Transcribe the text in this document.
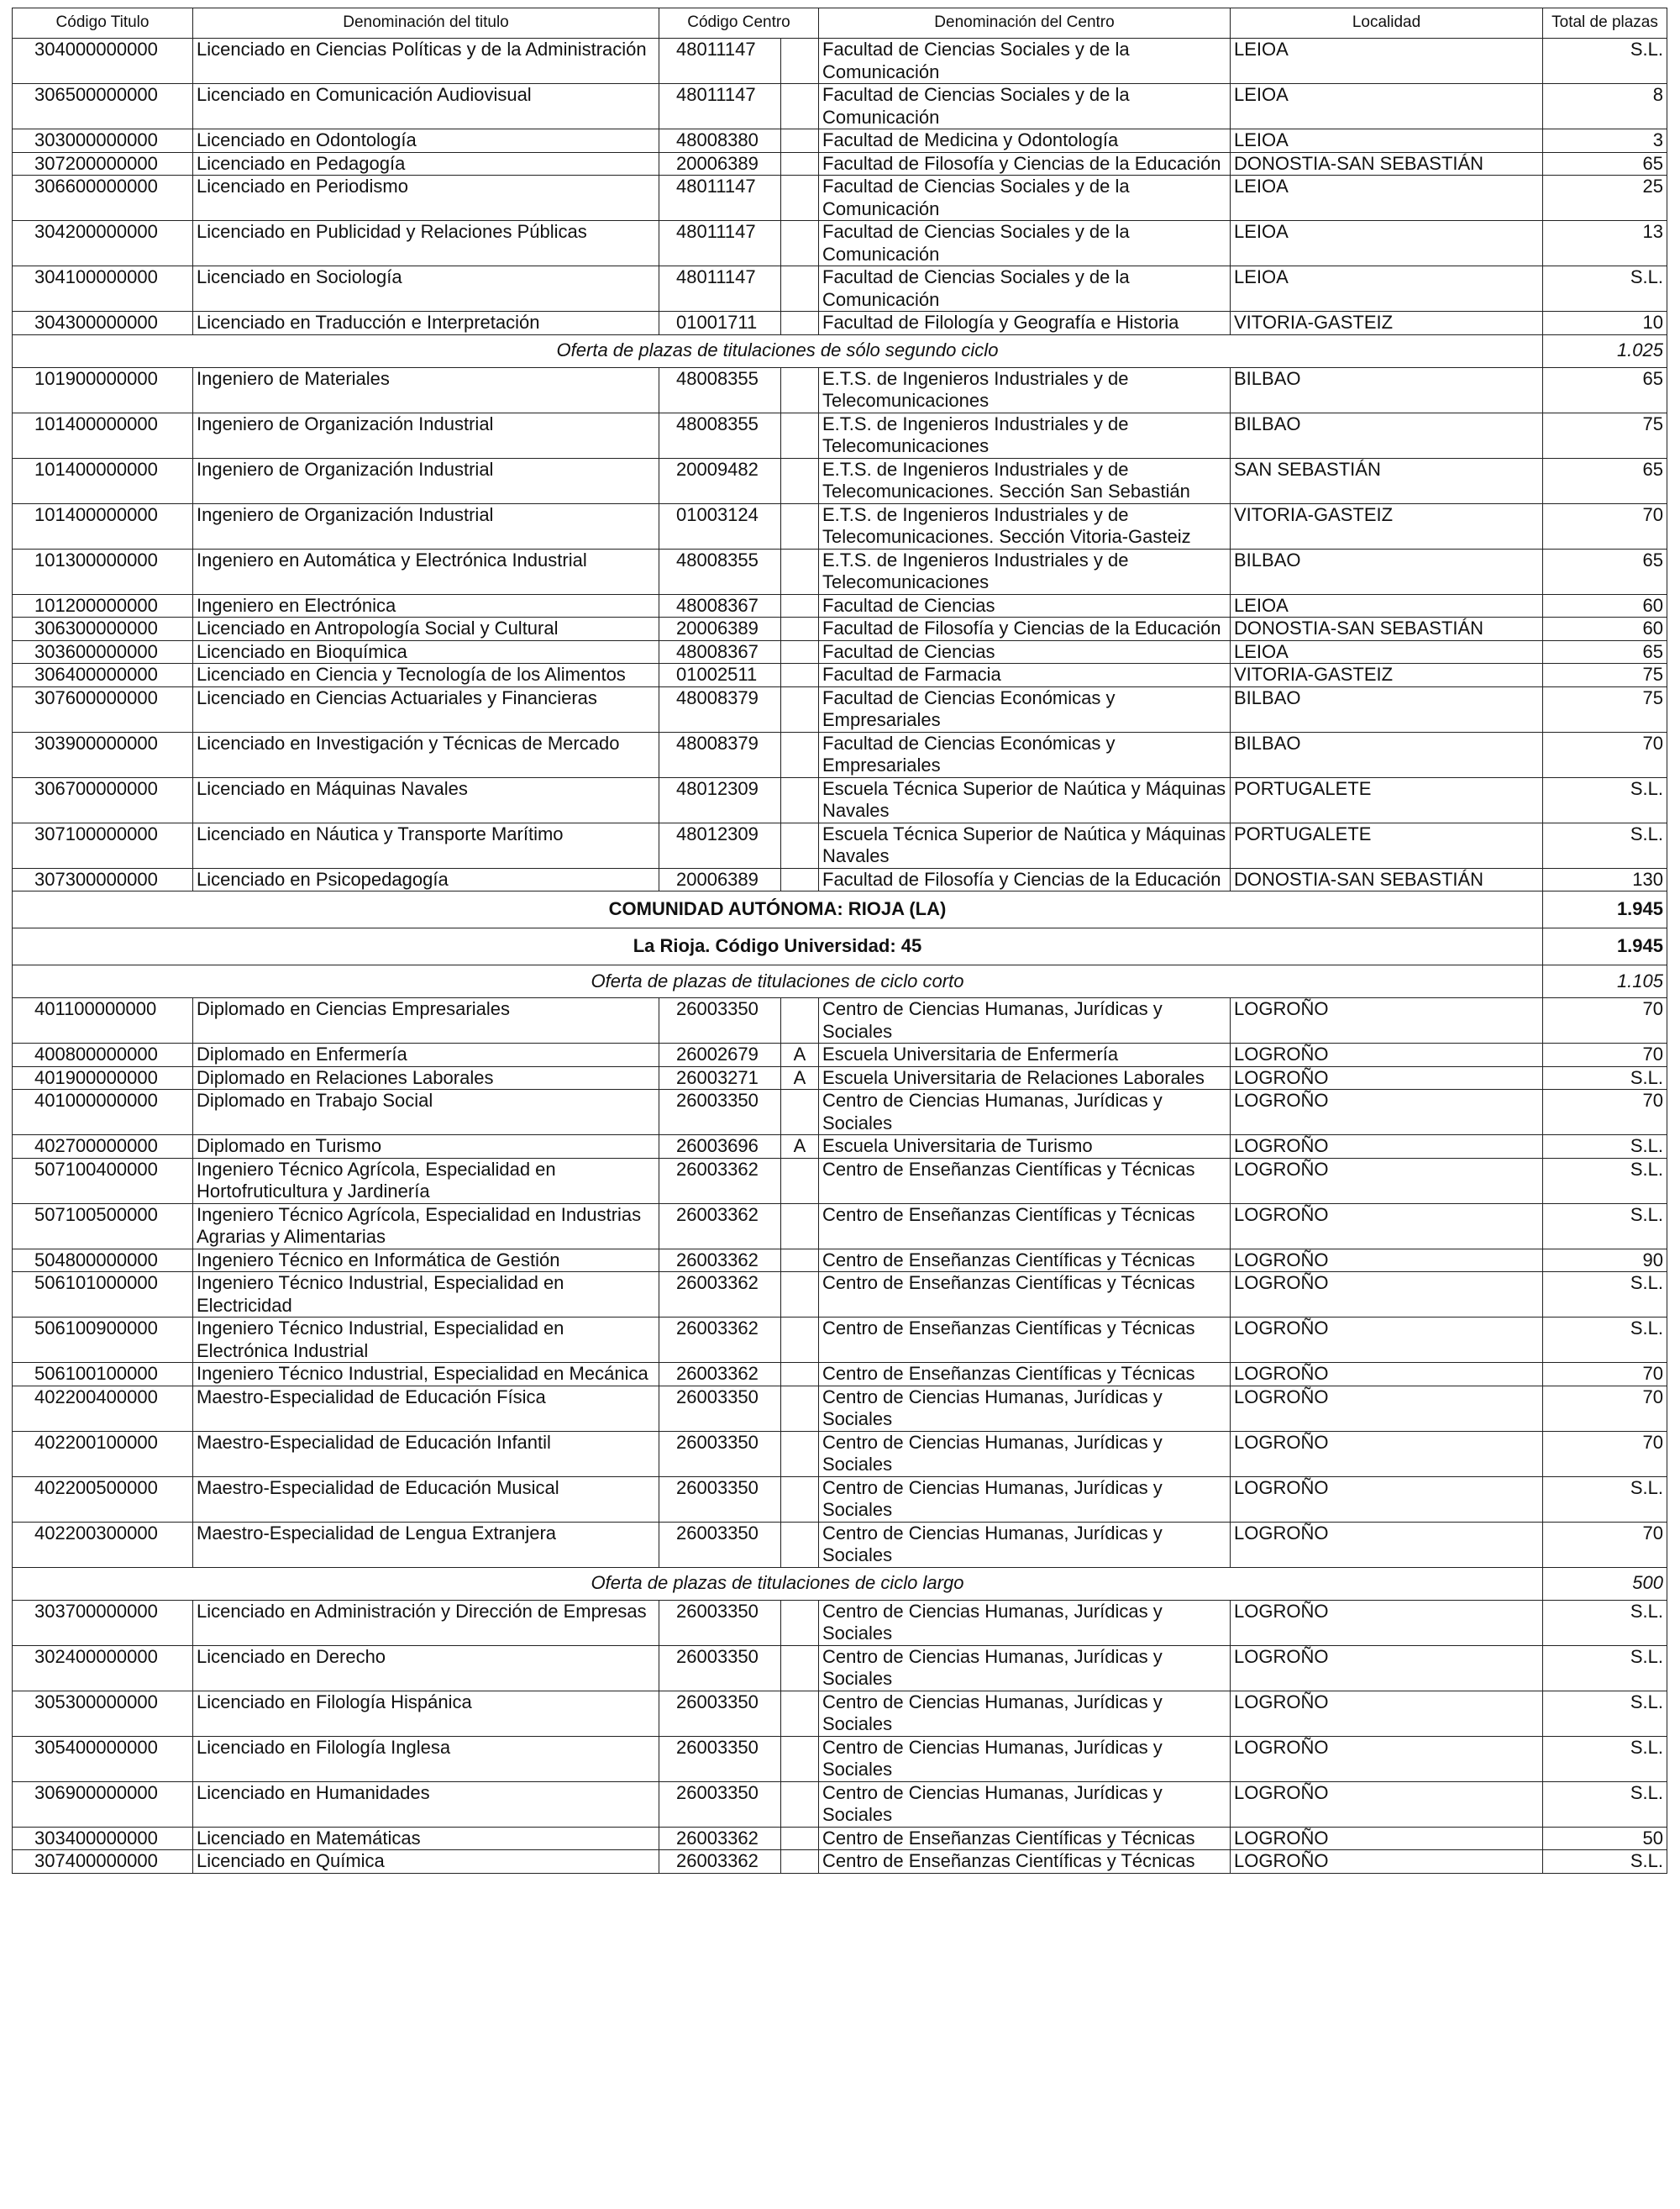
Código Titulo	Denominación del titulo	Código Centro		Denominación del Centro	Localidad	Total de plazas
304000000000	Licenciado en Ciencias Políticas y de la Administración	48011147		Facultad de Ciencias Sociales y de la Comunicación	LEIOA	S.L.
306500000000	Licenciado en Comunicación Audiovisual	48011147		Facultad de Ciencias Sociales y de la Comunicación	LEIOA	8
303000000000	Licenciado en Odontología	48008380		Facultad de Medicina y Odontología	LEIOA	3
307200000000	Licenciado en Pedagogía	20006389		Facultad de Filosofía y Ciencias de la Educación	DONOSTIA-SAN SEBASTIÁN	65
306600000000	Licenciado en Periodismo	48011147		Facultad de Ciencias Sociales y de la Comunicación	LEIOA	25
304200000000	Licenciado en Publicidad y Relaciones Públicas	48011147		Facultad de Ciencias Sociales y de la Comunicación	LEIOA	13
304100000000	Licenciado en Sociología	48011147		Facultad de Ciencias Sociales y de la Comunicación	LEIOA	S.L.
304300000000	Licenciado en Traducción e Interpretación	01001711		Facultad de Filología y Geografía e Historia	VITORIA-GASTEIZ	10
Oferta de plazas de titulaciones de sólo segundo ciclo						1.025
101900000000	Ingeniero de Materiales	48008355		E.T.S. de Ingenieros Industriales y de Telecomunicaciones	BILBAO	65
101400000000	Ingeniero de Organización Industrial	48008355		E.T.S. de Ingenieros Industriales y de Telecomunicaciones	BILBAO	75
101400000000	Ingeniero de Organización Industrial	20009482		E.T.S. de Ingenieros Industriales y de Telecomunicaciones. Sección San Sebastián	SAN SEBASTIÁN	65
101400000000	Ingeniero de Organización Industrial	01003124		E.T.S. de Ingenieros Industriales y de Telecomunicaciones. Sección Vitoria-Gasteiz	VITORIA-GASTEIZ	70
101300000000	Ingeniero en Automática y Electrónica Industrial	48008355		E.T.S. de Ingenieros Industriales y de Telecomunicaciones	BILBAO	65
101200000000	Ingeniero en Electrónica	48008367		Facultad de Ciencias	LEIOA	60
306300000000	Licenciado en Antropología Social y Cultural	20006389		Facultad de Filosofía y Ciencias de la Educación	DONOSTIA-SAN SEBASTIÁN	60
303600000000	Licenciado en Bioquímica	48008367		Facultad de Ciencias	LEIOA	65
306400000000	Licenciado en Ciencia y Tecnología de los Alimentos	01002511		Facultad de Farmacia	VITORIA-GASTEIZ	75
307600000000	Licenciado en Ciencias Actuariales y Financieras	48008379		Facultad de Ciencias Económicas y Empresariales	BILBAO	75
303900000000	Licenciado en Investigación y Técnicas de Mercado	48008379		Facultad de Ciencias Económicas y Empresariales	BILBAO	70
306700000000	Licenciado en Máquinas Navales	48012309		Escuela Técnica Superior de Naútica y Máquinas Navales	PORTUGALETE	S.L.
307100000000	Licenciado en Náutica y Transporte Marítimo	48012309		Escuela Técnica Superior de Naútica y Máquinas Navales	PORTUGALETE	S.L.
307300000000	Licenciado en Psicopedagogía	20006389		Facultad de Filosofía y Ciencias de la Educación	DONOSTIA-SAN SEBASTIÁN	130
COMUNIDAD AUTÓNOMA: RIOJA (LA)						1.945
La Rioja. Código Universidad: 45						1.945
Oferta de plazas de titulaciones de ciclo corto						1.105
401100000000	Diplomado en Ciencias Empresariales	26003350		Centro de Ciencias Humanas, Jurídicas y Sociales	LOGROÑO	70
400800000000	Diplomado en Enfermería	26002679	A	Escuela Universitaria de Enfermería	LOGROÑO	70
401900000000	Diplomado en Relaciones Laborales	26003271	A	Escuela Universitaria de Relaciones Laborales	LOGROÑO	S.L.
401000000000	Diplomado en Trabajo Social	26003350		Centro de Ciencias Humanas, Jurídicas y Sociales	LOGROÑO	70
402700000000	Diplomado en Turismo	26003696	A	Escuela Universitaria de Turismo	LOGROÑO	S.L.
507100400000	Ingeniero Técnico Agrícola, Especialidad en Hortofruticultura y Jardinería	26003362		Centro de Enseñanzas Científicas y Técnicas	LOGROÑO	S.L.
507100500000	Ingeniero Técnico Agrícola, Especialidad en Industrias Agrarias y Alimentarias	26003362		Centro de Enseñanzas Científicas y Técnicas	LOGROÑO	S.L.
504800000000	Ingeniero Técnico en Informática de Gestión	26003362		Centro de Enseñanzas Científicas y Técnicas	LOGROÑO	90
506101000000	Ingeniero Técnico Industrial, Especialidad en Electricidad	26003362		Centro de Enseñanzas Científicas y Técnicas	LOGROÑO	S.L.
506100900000	Ingeniero Técnico Industrial, Especialidad en Electrónica Industrial	26003362		Centro de Enseñanzas Científicas y Técnicas	LOGROÑO	S.L.
506100100000	Ingeniero Técnico Industrial, Especialidad en Mecánica	26003362		Centro de Enseñanzas Científicas y Técnicas	LOGROÑO	70
402200400000	Maestro-Especialidad de Educación Física	26003350		Centro de Ciencias Humanas, Jurídicas y Sociales	LOGROÑO	70
402200100000	Maestro-Especialidad de Educación Infantil	26003350		Centro de Ciencias Humanas, Jurídicas y Sociales	LOGROÑO	70
402200500000	Maestro-Especialidad de Educación Musical	26003350		Centro de Ciencias Humanas, Jurídicas y Sociales	LOGROÑO	S.L.
402200300000	Maestro-Especialidad de Lengua Extranjera	26003350		Centro de Ciencias Humanas, Jurídicas y Sociales	LOGROÑO	70
Oferta de plazas de titulaciones de ciclo largo						500
303700000000	Licenciado en Administración y Dirección de Empresas	26003350		Centro de Ciencias Humanas, Jurídicas y Sociales	LOGROÑO	S.L.
302400000000	Licenciado en Derecho	26003350		Centro de Ciencias Humanas, Jurídicas y Sociales	LOGROÑO	S.L.
305300000000	Licenciado en Filología Hispánica	26003350		Centro de Ciencias Humanas, Jurídicas y Sociales	LOGROÑO	S.L.
305400000000	Licenciado en Filología Inglesa	26003350		Centro de Ciencias Humanas, Jurídicas y Sociales	LOGROÑO	S.L.
306900000000	Licenciado en Humanidades	26003350		Centro de Ciencias Humanas, Jurídicas y Sociales	LOGROÑO	S.L.
303400000000	Licenciado en Matemáticas	26003362		Centro de Enseñanzas Científicas y Técnicas	LOGROÑO	50
307400000000	Licenciado en Química	26003362		Centro de Enseñanzas Científicas y Técnicas	LOGROÑO	S.L.
